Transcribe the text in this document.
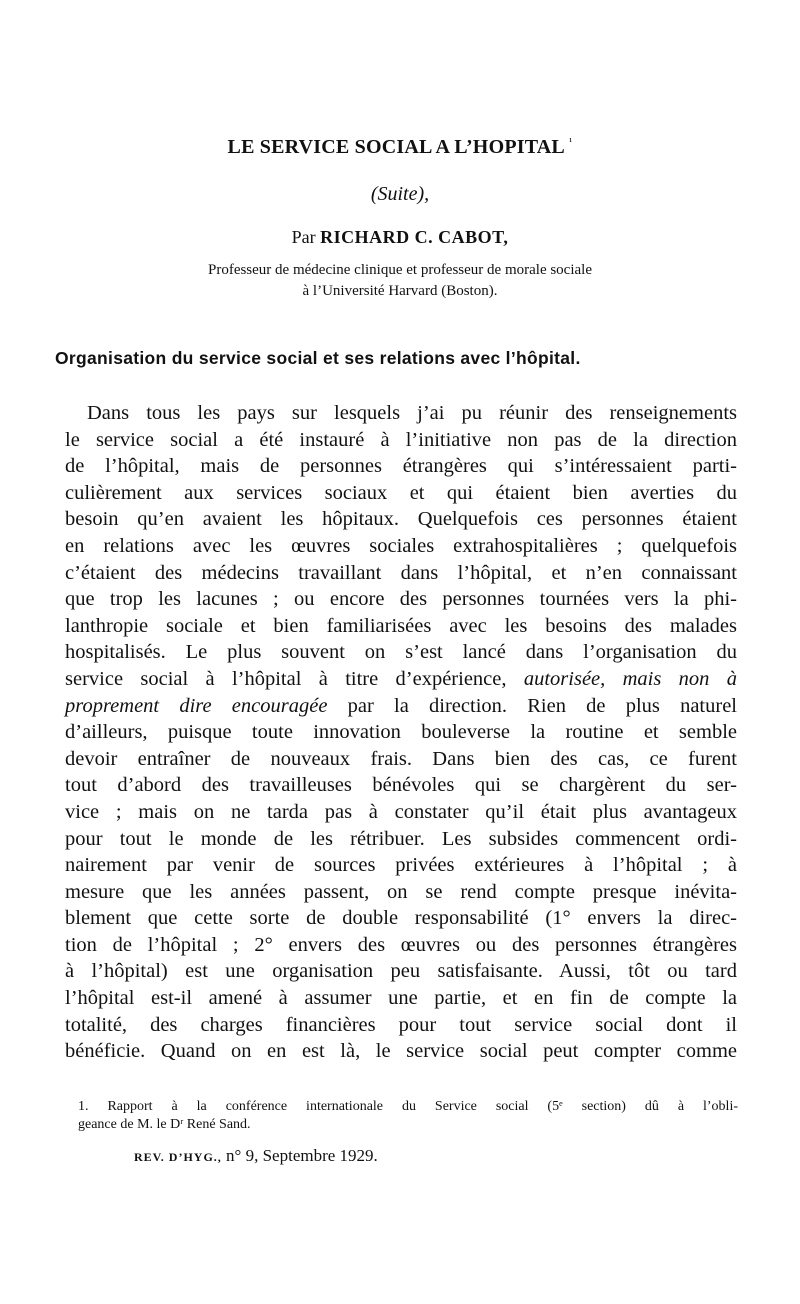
LE SERVICE SOCIAL A L’HOPITAL $^{^1}$
(Suite),
Par RICHARD C. CABOT,
Professeur de médecine clinique et professeur de morale sociale
à l’Université Harvard (Boston).
Organisation du service social et ses relations avec l’hôpital.
Dans tous les pays sur lesquels j’ai pu réunir des renseignements
le service social a été instauré à l’initiative non pas de la direction
de l’hôpital, mais de personnes étrangères qui s’intéressaient parti-
culièrement aux services sociaux et qui étaient bien averties du
besoin qu’en avaient les hôpitaux. Quelquefois ces personnes étaient
en relations avec les œuvres sociales extrahospitalières ; quelquefois
c’étaient des médecins travaillant dans l’hôpital, et n’en connaissant
que trop les lacunes ; ou encore des personnes tournées vers la phi-
lanthropie sociale et bien familiarisées avec les besoins des malades
hospitalisés. Le plus souvent on s’est lancé dans l’organisation du
service social à l’hôpital à titre d’expérience, autorisée, mais non à
proprement dire encouragée par la direction. Rien de plus naturel
d’ailleurs, puisque toute innovation bouleverse la routine et semble
devoir entraîner de nouveaux frais. Dans bien des cas, ce furent
tout d’abord des travailleuses bénévoles qui se chargèrent du ser-
vice ; mais on ne tarda pas à constater qu’il était plus avantageux
pour tout le monde de les rétribuer. Les subsides commencent ordi-
nairement par venir de sources privées extérieures à l’hôpital ; à
mesure que les années passent, on se rend compte presque inévita-
blement que cette sorte de double responsabilité (1° envers la direc-
tion de l’hôpital ; 2° envers des œuvres ou des personnes étrangères
à l’hôpital) est une organisation peu satisfaisante. Aussi, tôt ou tard
l’hôpital est-il amené à assumer une partie, et en fin de compte la
totalité, des charges financières pour tout service social dont il
bénéficie. Quand on en est là, le service social peut compter comme
1. Rapport à la conférence internationale du Service social (5ᵉ section) dû à l’obli-
geance de M. le Dʳ René Sand.
REV. D’HYG., n° 9, Septembre 1929.
